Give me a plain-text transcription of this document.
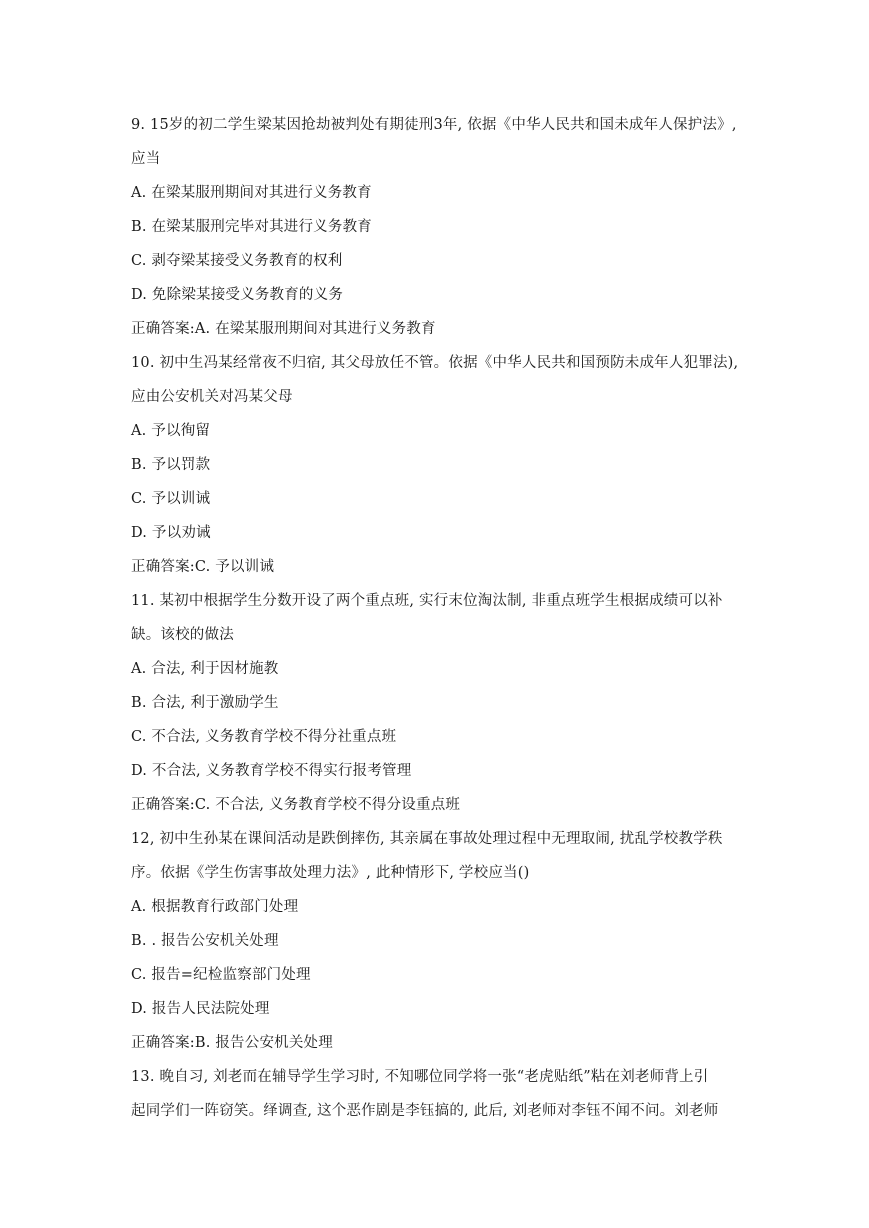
9. 15岁的初二学生梁某因抢劫被判处有期徒刑3年, 依据《中华人民共和国未成年人保护法》,
应当
A. 在梁某服刑期间对其进行义务教育
B. 在梁某服刑完毕对其进行义务教育
C. 剥夺梁某接受义务教育的权利
D. 免除梁某接受义务教育的义务
正确答案:A. 在梁某服刑期间对其进行义务教育
10. 初中生冯某经常夜不归宿, 其父母放任不管。依据《中华人民共和国预防未成年人犯罪法),
应由公安机关对冯某父母
A. 予以徇留
B. 予以罚款
C. 予以训诫
D. 予以劝诫
正确答案:C. 予以训诫
11. 某初中根据学生分数开设了两个重点班, 实行末位淘汰制, 非重点班学生根据成绩可以补
缺。该校的做法
A. 合法, 利于因材施教
B. 合法, 利于激励学生
C. 不合法, 义务教育学校不得分社重点班
D. 不合法, 义务教育学校不得实行报考管理
正确答案:C. 不合法, 义务教育学校不得分设重点班
12, 初中生孙某在课间活动是跌倒摔伤, 其亲属在事故处理过程中无理取闹, 扰乱学校教学秩
序。依据《学生伤害事故处理力法》, 此种情形下, 学校应当()
A. 根据教育行政部门处理
B. . 报告公安机关处理
C. 报告=纪检监察部门处理
D. 报告人民法院处理
正确答案:B. 报告公安机关处理
13. 晚自习, 刘老而在辅导学生学习时, 不知哪位同学将一张“老虎贴纸”粘在刘老师背上引
起同学们一阵窃笑。绎调查, 这个恶作剧是李钰搞的, 此后, 刘老师对李钰不闻不问。刘老师
